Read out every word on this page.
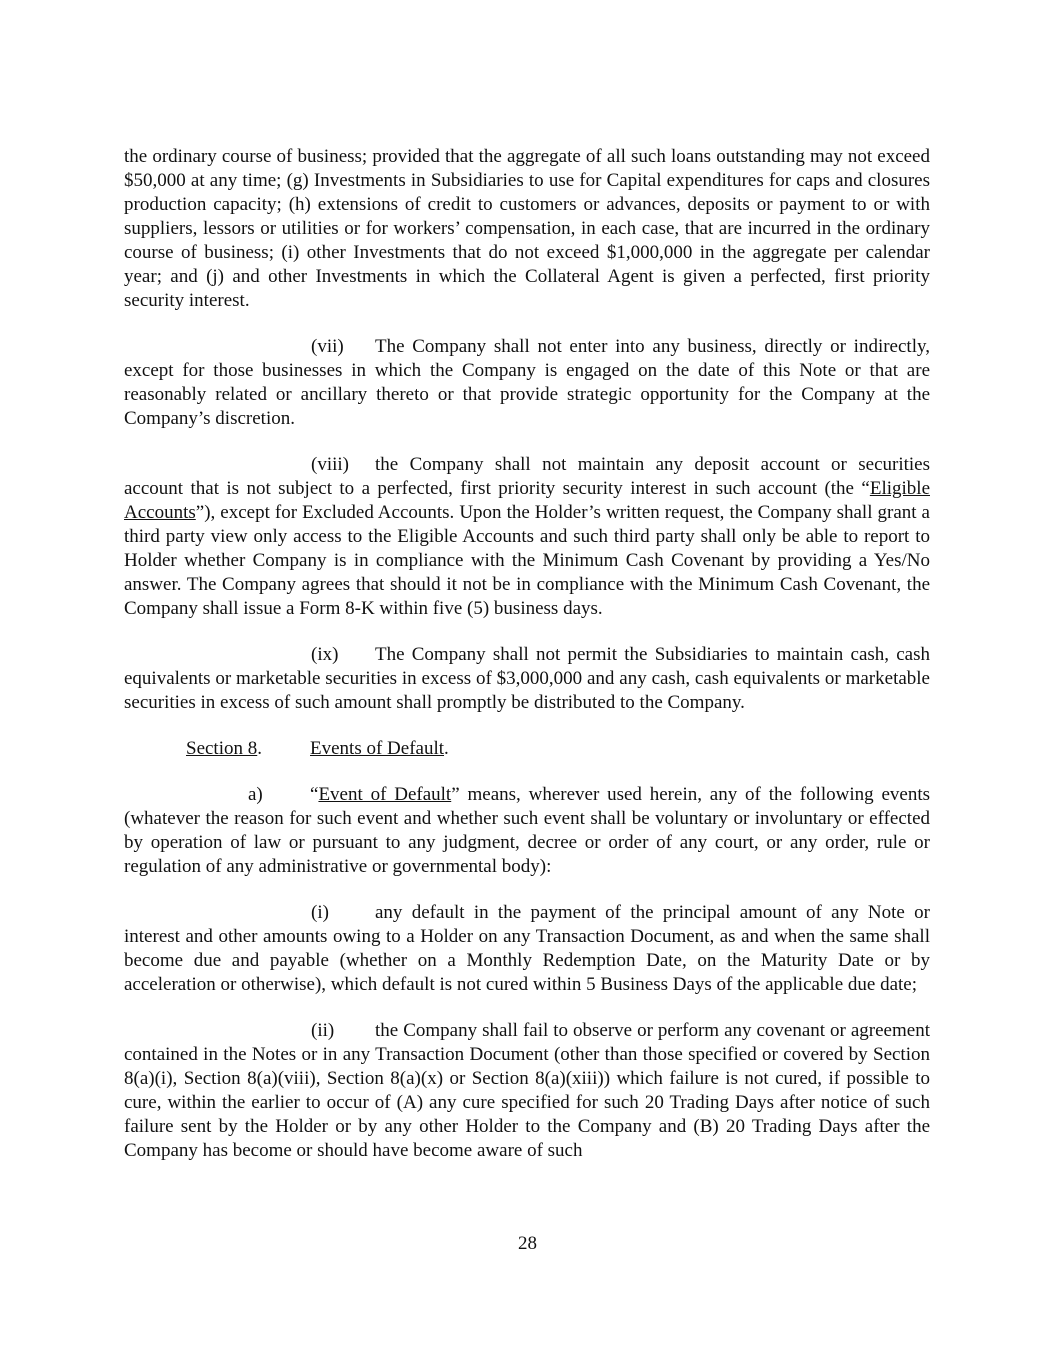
the ordinary course of business; provided that the aggregate of all such loans outstanding may not exceed $50,000 at any time; (g) Investments in Subsidiaries to use for Capital expenditures for caps and closures production capacity; (h) extensions of credit to customers or advances, deposits or payment to or with suppliers, lessors or utilities or for workers’ compensation, in each case, that are incurred in the ordinary course of business; (i) other Investments that do not exceed $1,000,000 in the aggregate per calendar year; and (j) and other Investments in which the Collateral Agent is given a perfected, first priority security interest.

(vii) The Company shall not enter into any business, directly or indirectly, except for those businesses in which the Company is engaged on the date of this Note or that are reasonably related or ancillary thereto or that provide strategic opportunity for the Company at the Company’s discretion.

(viii) the Company shall not maintain any deposit account or securities account that is not subject to a perfected, first priority security interest in such account (the “Eligible Accounts”), except for Excluded Accounts. Upon the Holder’s written request, the Company shall grant a third party view only access to the Eligible Accounts and such third party shall only be able to report to Holder whether Company is in compliance with the Minimum Cash Covenant by providing a Yes/No answer. The Company agrees that should it not be in compliance with the Minimum Cash Covenant, the Company shall issue a Form 8-K within five (5) business days.

(ix) The Company shall not permit the Subsidiaries to maintain cash, cash equivalents or marketable securities in excess of $3,000,000 and any cash, cash equivalents or marketable securities in excess of such amount shall promptly be distributed to the Company.

Section 8.	Events of Default.

a) “Event of Default” means, wherever used herein, any of the following events (whatever the reason for such event and whether such event shall be voluntary or involuntary or effected by operation of law or pursuant to any judgment, decree or order of any court, or any order, rule or regulation of any administrative or governmental body):

(i) any default in the payment of the principal amount of any Note or interest and other amounts owing to a Holder on any Transaction Document, as and when the same shall become due and payable (whether on a Monthly Redemption Date, on the Maturity Date or by acceleration or otherwise), which default is not cured within 5 Business Days of the applicable due date;

(ii) the Company shall fail to observe or perform any covenant or agreement contained in the Notes or in any Transaction Document (other than those specified or covered by Section 8(a)(i), Section 8(a)(viii), Section 8(a)(x) or Section 8(a)(xiii)) which failure is not cured, if possible to cure, within the earlier to occur of (A) any cure specified for such 20 Trading Days after notice of such failure sent by the Holder or by any other Holder to the Company and (B) 20 Trading Days after the Company has become or should have become aware of such

28
